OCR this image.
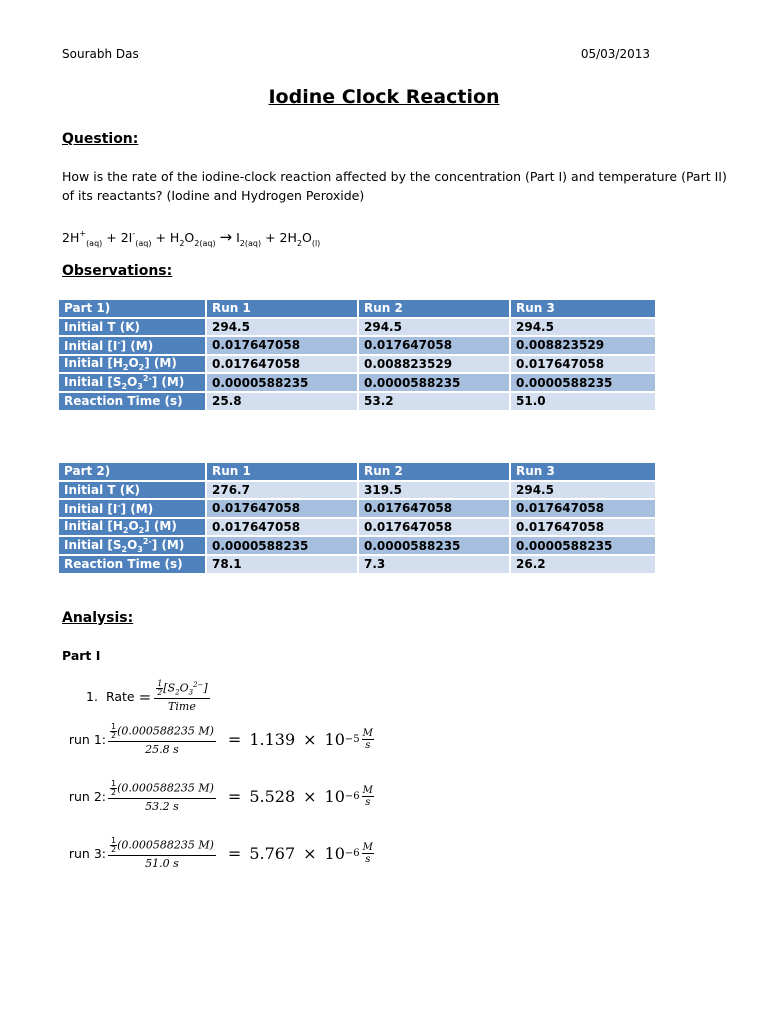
Sourabh Das	05/03/2013
Iodine Clock Reaction
Question:
How is the rate of the iodine-clock reaction affected by the concentration (Part I) and temperature (Part II) of its reactants? (Iodine and Hydrogen Peroxide)
$2H^+_{(aq)} + 2I^-_{(aq)} + H_2O_{2(aq)} \to I_{2(aq)} + 2H_2O_{(l)}$
Observations:
Part 1)	Run 1	Run 2	Run 3
Initial T (K)	294.5	294.5	294.5
Initial [I-] (M)	0.017647058	0.017647058	0.008823529
Initial $[H_2O_2]$ (M)	0.017647058	0.008823529	0.017647058
Initial $[S_2O_3^{2-}]$ (M)	0.0000588235	0.0000588235	0.0000588235
Reaction Time (s)	25.8	53.2	51.0
Part 2)	Run 1	Run 2	Run 3
Initial T (K)	276.7	319.5	294.5
Initial [I-] (M)	0.017647058	0.017647058	0.017647058
Initial $[H_2O_2]$ (M)	0.017647058	0.017647058	0.017647058
Initial $[S_2O_3^{2-}]$ (M)	0.0000588235	0.0000588235	0.0000588235
Reaction Time (s)	78.1	7.3	26.2
Analysis:
Part I
1. Rate = $\frac{\frac{1}{2} [S_2O_3^{2-}]}{\text{Time}}$
run 1: $\frac{\frac{1}{2} (0.000588235 M)}{25.8 s} = 1.139 \times 10 -5$
M
s
run 2: $\frac{\frac{1}{2} (0.000588235 M)}{53.2 s} = 5.528 \times 10 -6$
M
s
run 3: $\frac{\frac{1}{2} (0.000588235 M)}{51.0 s} = 5.767 \times 10 -6$
M
s
